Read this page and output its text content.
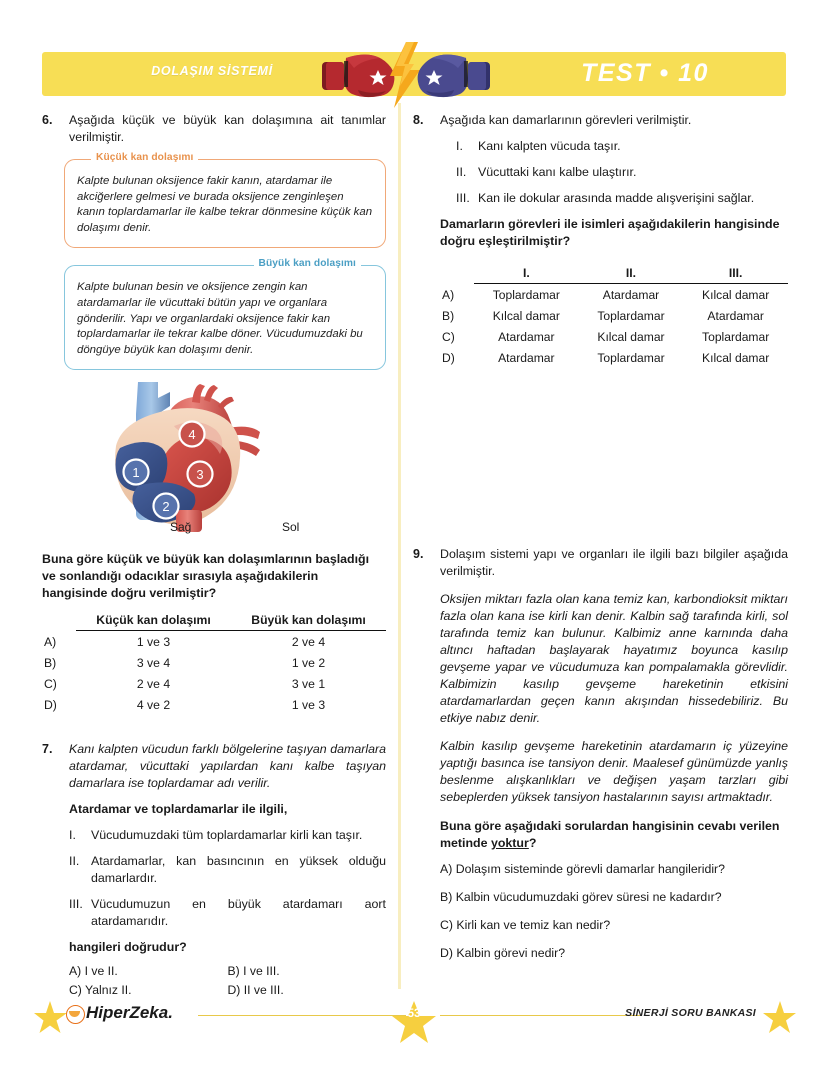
DOLAŞIM SİSTEMİ	TEST • 10
6.	Aşağıda küçük ve büyük kan dolaşımına ait tanımlar verilmiştir.
Küçük kan dolaşımı
Kalpte bulunan oksijence fakir kanın, atardamar ile akciğerlere gelmesi ve burada oksijence zenginleşen kanın toplardamarlar ile kalbe tekrar dönmesine küçük kan dolaşımı denir.
Büyük kan dolaşımı
Kalpte bulunan besin ve oksijence zengin kan atardamarlar ile vücuttaki bütün yapı ve organlara gönderilir. Yapı ve organlardaki oksijence fakir kan toplardamarlar ile tekrar kalbe döner. Vücudumuzdaki bu döngüye büyük kan dolaşımı denir.
1
2
3
4
Sağ	Sol
Buna göre küçük ve büyük kan dolaşımlarının başladığı ve sonlandığı odacıklar sırasıyla aşağıdakilerin hangisinde doğru verilmiştir?
	Küçük kan dolaşımı	Büyük kan dolaşımı
A)	1 ve 3	2 ve 4
B)	3 ve 4	1 ve 2
C)	2 ve 4	3 ve 1
D)	4 ve 2	1 ve 3
7.	Kanı kalpten vücudun farklı bölgelerine taşıyan damarlara atardamar, vücuttaki yapılardan kanı kalbe taşıyan damarlara ise toplardamar adı verilir.
Atardamar ve toplardamarlar ile ilgili,
I.	Vücudumuzdaki tüm toplardamarlar kirli kan taşır.
II. Atardamarlar, kan basıncının en yüksek olduğu damarlardır.
III. Vücudumuzun en büyük atardamarı aort atardamarıdır.
hangileri doğrudur?
A) I ve II.	B) I ve III.
C) Yalnız II.	D) II ve III.
8.	Aşağıda kan damarlarının görevleri verilmiştir.
I.	Kanı kalpten vücuda taşır.
II. Vücuttaki kanı kalbe ulaştırır.
III. Kan ile dokular arasında madde alışverişini sağlar.
Damarların görevleri ile isimleri aşağıdakilerin hangisinde doğru eşleştirilmiştir?
	I.	II.	III.
A)	Toplardamar	Atardamar	Kılcal damar
B)	Kılcal damar	Toplardamar	Atardamar
C)	Atardamar	Kılcal damar	Toplardamar
D)	Atardamar	Toplardamar	Kılcal damar
9.	Dolaşım sistemi yapı ve organları ile ilgili bazı bilgiler aşağıda verilmiştir.
Oksijen miktarı fazla olan kana temiz kan, karbondioksit miktarı fazla olan kana ise kirli kan denir. Kalbin sağ tarafında kirli, sol tarafında temiz kan bulunur. Kalbimiz anne karnında daha altıncı haftadan başlayarak hayatımız boyunca kasılıp gevşeme yapar ve vücudumuza kan pompalamakla görevlidir. Kalbimizin kasılıp gevşeme hareketinin etkisini atardamarlardan geçen kanın akışından hissedebiliriz. Bu etkiye nabız denir.
Kalbin kasılıp gevşeme hareketinin atardamarın iç yüzeyine yaptığı basınca ise tansiyon denir. Maalesef günümüzde yanlış beslenme alışkanlıkları ve değişen yaşam tarzları gibi sebeplerden yüksek tansiyon hastalarının sayısı artmaktadır.
Buna göre aşağıdaki sorulardan hangisinin cevabı verilen metinde yoktur?
A) Dolaşım sisteminde görevli damarlar hangileridir?
B) Kalbin vücudumuzdaki görev süresi ne kadardır?
C) Kirli kan ve temiz kan nedir?
D) Kalbin görevi nedir?
HiperZeka.	53	SİNERJİ SORU BANKASI
